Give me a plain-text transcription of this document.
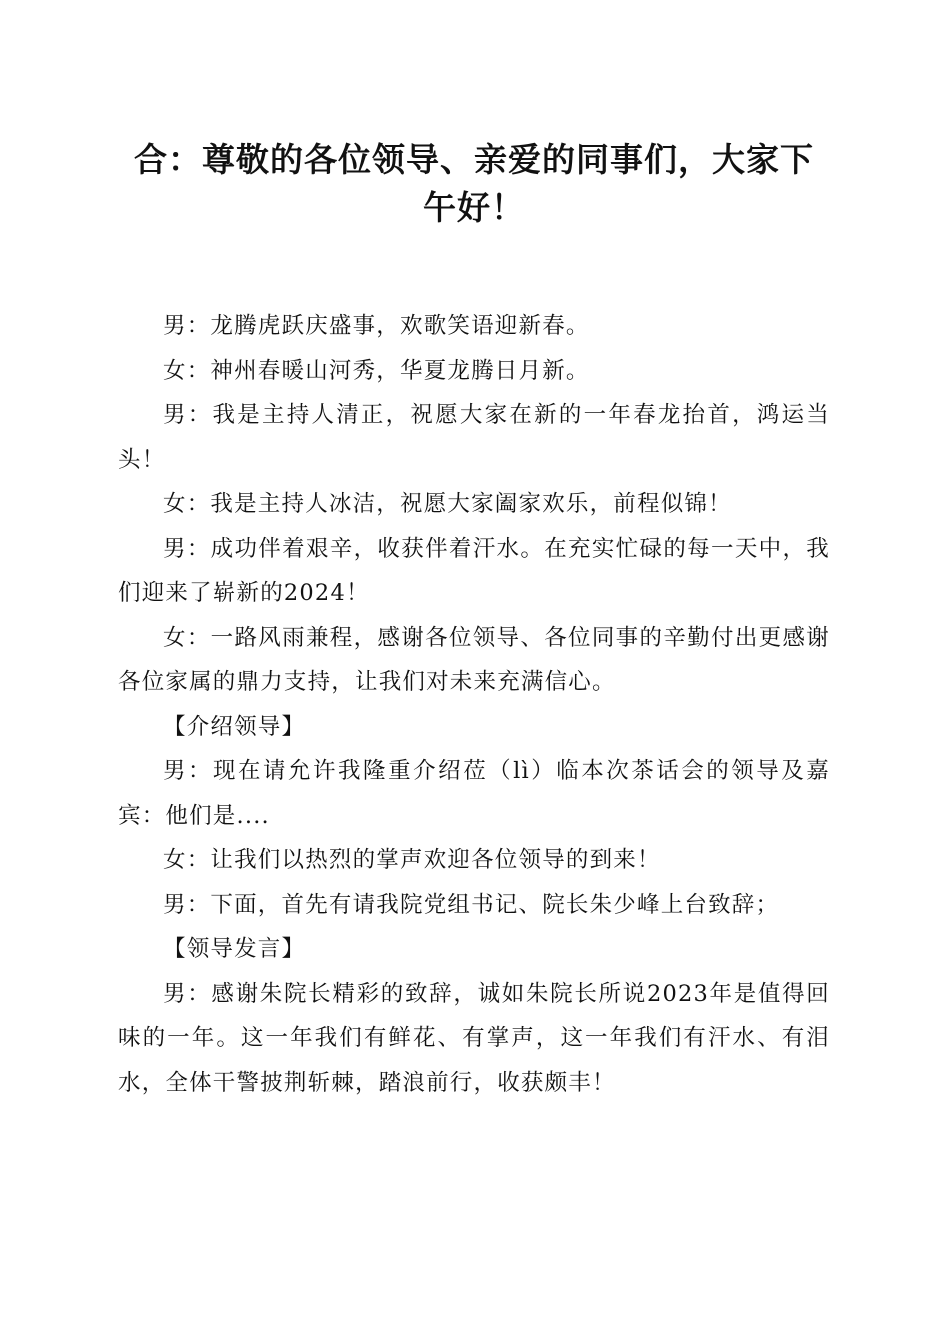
合：尊敬的各位领导、亲爱的同事们，大家下午好！

男：龙腾虎跃庆盛事，欢歌笑语迎新春。

女：神州春暖山河秀，华夏龙腾日月新。

男：我是主持人清正，祝愿大家在新的一年春龙抬首，鸿运当头！

女：我是主持人冰洁，祝愿大家阖家欢乐，前程似锦！

男：成功伴着艰辛，收获伴着汗水。在充实忙碌的每一天中，我们迎来了崭新的2024！

女：一路风雨兼程，感谢各位领导、各位同事的辛勤付出更感谢各位家属的鼎力支持，让我们对未来充满信心。

【介绍领导】

男：现在请允许我隆重介绍莅（lì）临本次茶话会的领导及嘉宾：他们是....

女：让我们以热烈的掌声欢迎各位领导的到来！

男：下面，首先有请我院党组书记、院长朱少峰上台致辞；

【领导发言】

男：感谢朱院长精彩的致辞，诚如朱院长所说2023年是值得回味的一年。这一年我们有鲜花、有掌声，这一年我们有汗水、有泪水，全体干警披荆斩棘，踏浪前行，收获颇丰！
